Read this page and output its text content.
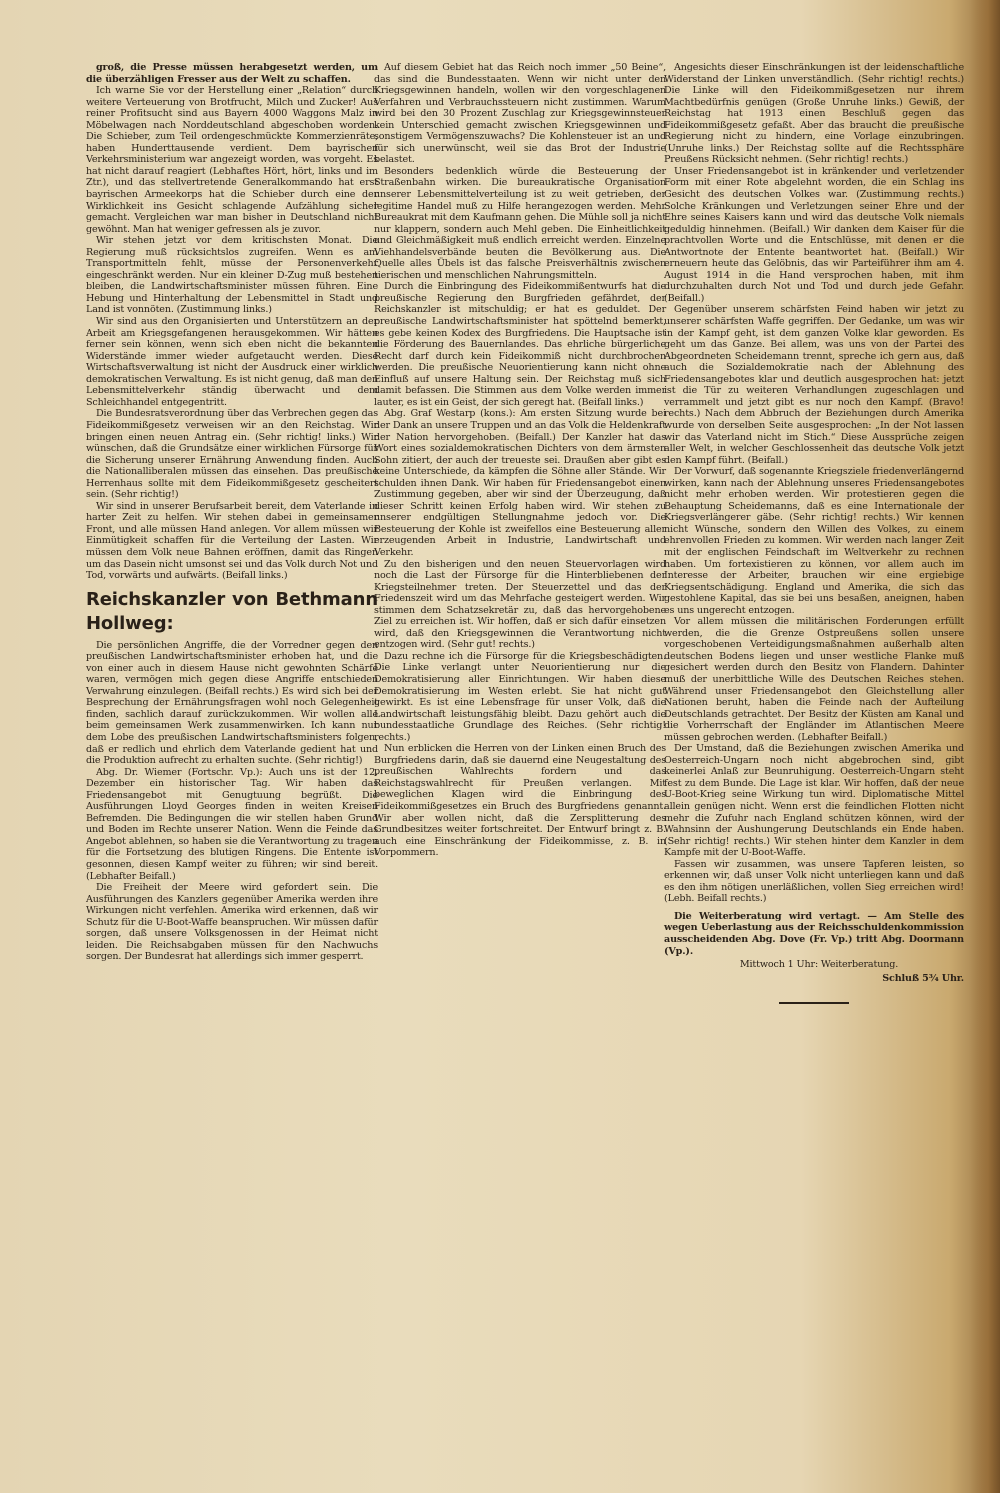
groß, die Presse müssen herabgesetzt werden, um die überzähligen Fresser aus der Welt zu schaffen.

Ich warne Sie vor der Herstellung einer „Relation“ durch weitere Verteuerung von Brotfrucht, Milch und Zucker! Aus reiner Profitsucht sind aus Bayern 4000 Waggons Malz in Möbelwagen nach Norddeutschland abgeschoben worden. Die Schieber, zum Teil ordengeschmückte Kommerzienräte, haben Hunderttausende verdient. Dem bayrischen Verkehrsministerium war angezeigt worden, was vorgeht. Es hat nicht darauf reagiert (Lebhaftes Hört, hört, links und im Ztr.), und das stellvertretende Generalkommando hat erst bayrischen Armeekorps hat die Schieber durch eine der Wirklichkeit ins Gesicht schlagende Aufzählung sicher gemacht. Vergleichen war man bisher in Deutschland nicht gewöhnt. Man hat weniger gefressen als je zuvor.

Wir stehen jetzt vor dem kritischsten Monat. Die Regierung muß rücksichtslos zugreifen. Wenn es am Transportmitteln fehlt, müsse der Personenverkehr eingeschränkt werden. Nur ein kleiner D-Zug muß bestehen bleiben, die Landwirtschaftsminister müssen führen. Eine Hebung und Hinterhaltung der Lebensmittel in Stadt und Land ist vonnöten. (Zustimmung links.)

Wir sind aus den Organisierten und Unterstützern an der Arbeit am Kriegsgefangenen herausgekommen. Wir hätten ferner sein können, wenn sich eben nicht die bekannten Widerstände immer wieder aufgetaucht werden. Diese Wirtschaftsverwaltung ist nicht der Ausdruck einer wirklich demokratischen Verwaltung. Es ist nicht genug, daß man den Lebensmittelverkehr ständig überwacht und dem Schleichhandel entgegentritt.

Die Bundesratsverordnung über das Verbrechen gegen das Fideikommißgesetz verweisen wir an den Reichstag. Wir bringen einen neuen Antrag ein. (Sehr richtig! links.) Wir wünschen, daß die Grundsätze einer wirklichen Fürsorge für die Sicherung unserer Ernährung Anwendung finden. Auch die Nationalliberalen müssen das einsehen. Das preußische Herrenhaus sollte mit dem Fideikommißgesetz gescheitert sein. (Sehr richtig!)

Wir sind in unserer Berufsarbeit bereit, dem Vaterlande in harter Zeit zu helfen. Wir stehen dabei in gemeinsamer Front, und alle müssen Hand anlegen. Vor allem müssen wir Einmütigkeit schaffen für die Verteilung der Lasten. Wir müssen dem Volk neue Bahnen eröffnen, damit das Ringen um das Dasein nicht umsonst sei und das Volk durch Not und Tod, vorwärts und aufwärts. (Beifall links.)

Reichskanzler von Bethmann Hollweg:

Die persönlichen Angriffe, die der Vorredner gegen den preußischen Landwirtschaftsminister erhoben hat, und die von einer auch in diesem Hause nicht gewohnten Schärfe waren, vermögen mich gegen diese Angriffe entschieden Verwahrung einzulegen. (Beifall rechts.) Es wird sich bei der Besprechung der Ernährungsfragen wohl noch Gelegenheit finden, sachlich darauf zurückzukommen. Wir wollen alle beim gemeinsamen Werk zusammenwirken. Ich kann nur dem Lobe des preußischen Landwirtschaftsministers folgen, daß er redlich und ehrlich dem Vaterlande gedient hat und die Produktion aufrecht zu erhalten suchte. (Sehr richtig!)

Abg. Dr. Wiemer (Fortschr. Vp.): Auch uns ist der 12. Dezember ein historischer Tag. Wir haben das Friedensangebot mit Genugtuung begrüßt. Die Ausführungen Lloyd Georges finden in weiten Kreisen Befremden. Die Bedingungen die wir stellen haben Grund und Boden im Rechte unserer Nation. Wenn die Feinde das Angebot ablehnen, so haben sie die Verantwortung zu tragen für die Fortsetzung des blutigen Ringens. Die Entente ist gesonnen, diesen Kampf weiter zu führen; wir sind bereit. (Lebhafter Beifall.)

Die Freiheit der Meere wird gefordert sein. Die Ausführungen des Kanzlers gegenüber Amerika werden ihre Wirkungen nicht verfehlen. Amerika wird erkennen, daß wir Schutz für die U-Boot-Waffe beanspruchen. Wir müssen dafür sorgen, daß unsere Volksgenossen in der Heimat nicht leiden. Die Reichsabgaben müssen für den Nachwuchs sorgen. Der Bundesrat hat allerdings sich immer gesperrt.

Auf diesem Gebiet hat das Reich noch immer „50 Beine“, das sind die Bundesstaaten. Wenn wir nicht unter den Kriegsgewinnen handeln, wollen wir den vorgeschlagenen Verfahren und Verbrauchssteuern nicht zustimmen. Warum wird bei den 30 Prozent Zuschlag zur Kriegsgewinnsteuer kein Unterschied gemacht zwischen Kriegsgewinnen und sonstigem Vermögenszuwachs? Die Kohlensteuer ist an und für sich unerwünscht, weil sie das Brot der Industrie belastet.

Besonders bedenklich würde die Besteuerung der Straßenbahn wirken. Die bureaukratische Organisation unserer Lebensmittelverteilung ist zu weit getrieben, der legitime Handel muß zu Hilfe herangezogen werden. Mehr Bureaukrat mit dem Kaufmann gehen. Die Mühle soll ja nicht nur klappern, sondern auch Mehl geben. Die Einheitlichkeit und Gleichmäßigkeit muß endlich erreicht werden. Einzelne Viehhandelsverbände beuten die Bevölkerung aus. Die Quelle alles Übels ist das falsche Preisverhältnis zwischen tierischen und menschlichen Nahrungsmitteln.

Durch die Einbringung des Fideikommißentwurfs hat die preußische Regierung den Burgfrieden gefährdet, der Reichskanzler ist mitschuldig; er hat es geduldet. Der preußische Landwirtschaftsminister hat spöttelnd bemerkt, es gebe keinen Kodex des Burgfriedens. Die Hauptsache ist die Förderung des Bauernlandes. Das ehrliche bürgerliche Recht darf durch kein Fideikommiß nicht durchbrochen werden. Die preußische Neuorientierung kann nicht ohne Einfluß auf unsere Haltung sein. Der Reichstag muß sich damit befassen. Die Stimmen aus dem Volke werden immer lauter, es ist ein Geist, der sich geregt hat. (Beifall links.)

Abg. Graf Westarp (kons.): Am ersten Sitzung wurde bei der Dank an unsere Truppen und an das Volk die Heldenkraft der Nation hervorgehoben. (Beifall.) Der Kanzler hat das Wort eines sozialdemokratischen Dichters von dem ärmsten Sohn zitiert, der auch der treueste sei. Draußen aber gibt es keine Unterschiede, da kämpfen die Söhne aller Stände. Wir schulden ihnen Dank. Wir haben für Friedensangebot einen Zustimmung gegeben, aber wir sind der Überzeugung, daß dieser Schritt keinen Erfolg haben wird. Wir stehen zu unserer endgültigen Stellungnahme jedoch vor. Die Besteuerung der Kohle ist zweifellos eine Besteuerung aller erzeugenden Arbeit in Industrie, Landwirtschaft und Verkehr.

Zu den bisherigen und den neuen Steuervorlagen wird noch die Last der Fürsorge für die Hinterbliebenen der Kriegsteilnehmer treten. Der Steuerzettel und das der Friedenszeit wird um das Mehrfache gesteigert werden. Wir stimmen dem Schatzsekretär zu, daß das hervorgehobene Ziel zu erreichen ist. Wir hoffen, daß er sich dafür einsetzen wird, daß den Kriegsgewinnen die Verantwortung nicht entzogen wird. (Sehr gut! rechts.)

Dazu rechne ich die Fürsorge für die Kriegsbeschädigten. Die Linke verlangt unter Neuorientierung nur die Demokratisierung aller Einrichtungen. Wir haben diese Demokratisierung im Westen erlebt. Sie hat nicht gut gewirkt. Es ist eine Lebensfrage für unser Volk, daß die Landwirtschaft leistungsfähig bleibt. Dazu gehört auch die bundesstaatliche Grundlage des Reiches. (Sehr richtig! rechts.)

Nun erblicken die Herren von der Linken einen Bruch des Burgfriedens darin, daß sie dauernd eine Neugestaltung des preußischen Wahlrechts fordern und das Reichstagswahlrecht für Preußen verlangen. Mit beweglichen Klagen wird die Einbringung des Fideikommißgesetzes ein Bruch des Burgfriedens genannt. Wir aber wollen nicht, daß die Zersplitterung des Grundbesitzes weiter fortschreitet. Der Entwurf bringt z. B. auch eine Einschränkung der Fideikommisse, z. B. in Vorpommern.

Angesichts dieser Einschränkungen ist der leidenschaftliche Widerstand der Linken unverständlich. (Sehr richtig! rechts.) Die Linke will den Fideikommißgesetzen nur ihrem Machtbedürfnis genügen (Große Unruhe links.) Gewiß, der Reichstag hat 1913 einen Beschluß gegen das Fideikommißgesetz gefaßt. Aber das braucht die preußische Regierung nicht zu hindern, eine Vorlage einzubringen. (Unruhe links.) Der Reichstag sollte auf die Rechtssphäre Preußens Rücksicht nehmen. (Sehr richtig! rechts.)

Unser Friedensangebot ist in kränkender und verletzender Form mit einer Rote abgelehnt worden, die ein Schlag ins Gesicht des deutschen Volkes war. (Zustimmung rechts.) Solche Kränkungen und Verletzungen seiner Ehre und der Ehre seines Kaisers kann und wird das deutsche Volk niemals geduldig hinnehmen. (Beifall.) Wir danken dem Kaiser für die prachtvollen Worte und die Entschlüsse, mit denen er die Antwortnote der Entente beantwortet hat. (Beifall.) Wir erneuern heute das Gelöbnis, das wir Parteiführer ihm am 4. August 1914 in die Hand versprochen haben, mit ihm durchzuhalten durch Not und Tod und durch jede Gefahr. (Beifall.)

Gegenüber unserem schärfsten Feind haben wir jetzt zu unserer schärfsten Waffe gegriffen. Der Gedanke, um was wir in der Kampf geht, ist dem ganzen Volke klar geworden. Es geht um das Ganze. Bei allem, was uns von der Partei des Abgeordneten Scheidemann trennt, spreche ich gern aus, daß auch die Sozialdemokratie nach der Ablehnung des Friedensangebotes klar und deutlich ausgesprochen hat: jetzt ist die Tür zu weiteren Verhandlungen zugeschlagen und verrammelt und jetzt gibt es nur noch den Kampf. (Bravo! rechts.) Nach dem Abbruch der Beziehungen durch Amerika wurde von derselben Seite ausgesprochen: „In der Not lassen wir das Vaterland nicht im Stich.“ Diese Aussprüche zeigen aller Welt, in welcher Geschlossenheit das deutsche Volk jetzt den Kampf führt. (Beifall.)

Der Vorwurf, daß sogenannte Kriegsziele friedenverlängernd wirken, kann nach der Ablehnung unseres Friedensangebotes nicht mehr erhoben werden. Wir protestieren gegen die Behauptung Scheidemanns, daß es eine Internationale der Kriegsverlängerer gäbe. (Sehr richtig! rechts.) Wir kennen nicht Wünsche, sondern den Willen des Volkes, zu einem ehrenvollen Frieden zu kommen. Wir werden nach langer Zeit mit der englischen Feindschaft im Weltverkehr zu rechnen haben. Um fortexistieren zu können, vor allem auch im Interesse der Arbeiter, brauchen wir eine ergiebige Kriegsentschädigung. England und Amerika, die sich das gestohlene Kapital, das sie bei uns besaßen, aneignen, haben es uns ungerecht entzogen.

Vor allem müssen die militärischen Forderungen erfüllt werden, die die Grenze Ostpreußens sollen unsere vorgeschobenen Verteidigungsmaßnahmen außerhalb alten deutschen Bodens liegen und unser westliche Flanke muß gesichert werden durch den Besitz von Flandern. Dahinter muß der unerbittliche Wille des Deutschen Reiches stehen. Während unser Friedensangebot den Gleichstellung aller Nationen beruht, haben die Feinde nach der Aufteilung Deutschlands getrachtet. Der Besitz der Küsten am Kanal und die Vorherrschaft der Engländer im Atlantischen Meere müssen gebrochen werden. (Lebhafter Beifall.)

Der Umstand, daß die Beziehungen zwischen Amerika und Oesterreich-Ungarn noch nicht abgebrochen sind, gibt keinerlei Anlaß zur Beunruhigung. Oesterreich-Ungarn steht fest zu dem Bunde. Die Lage ist klar. Wir hoffen, daß der neue U-Boot-Krieg seine Wirkung tun wird. Diplomatische Mittel allein genügen nicht. Wenn erst die feindlichen Flotten nicht mehr die Zufuhr nach England schützen können, wird der Wahnsinn der Aushungerung Deutschlands ein Ende haben. (Sehr richtig! rechts.) Wir stehen hinter dem Kanzler in dem Kampfe mit der U-Boot-Waffe.

Fassen wir zusammen, was unsere Tapferen leisten, so erkennen wir, daß unser Volk nicht unterliegen kann und daß es den ihm nötigen unerläßlichen, vollen Sieg erreichen wird! (Lebh. Beifall rechts.)

Die Weiterberatung wird vertagt. — Am Stelle des wegen Ueberlastung aus der Reichsschuldenkommission ausscheidenden Abg. Dove (Fr. Vp.) tritt Abg. Doormann (Vp.).

Mittwoch 1 Uhr: Weiterberatung.

Schluß 5¾ Uhr.
